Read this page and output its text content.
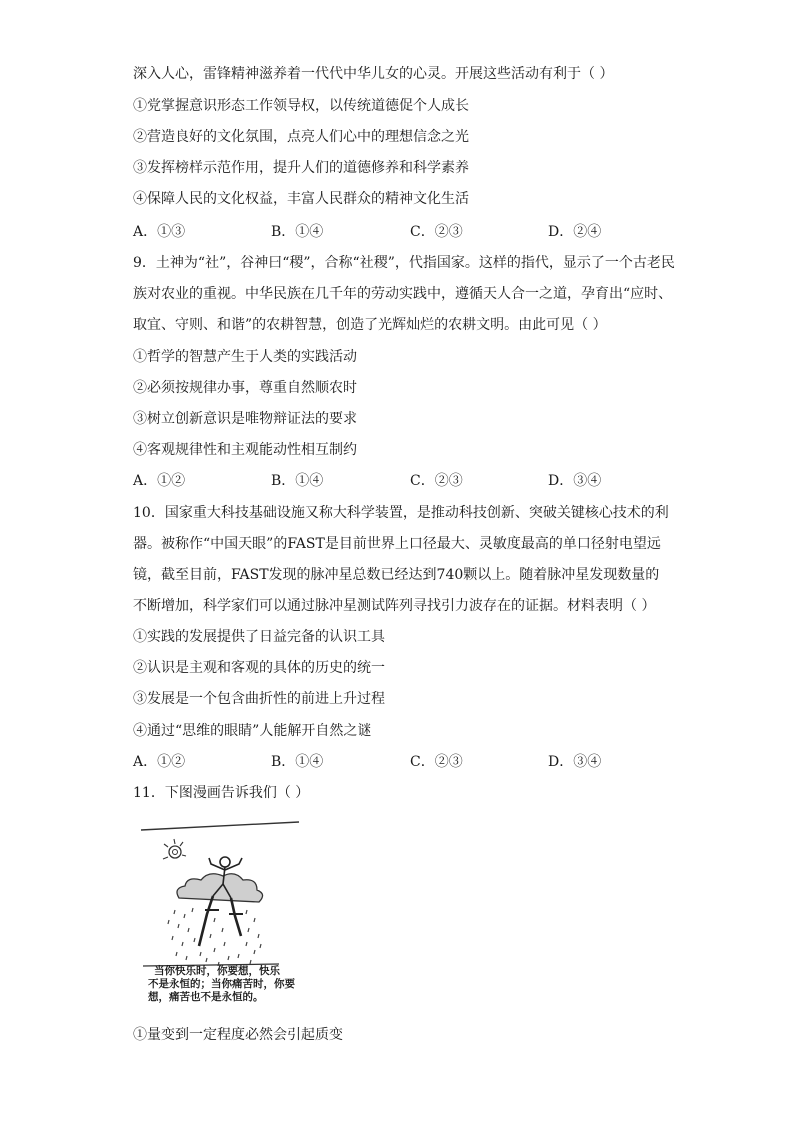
深入人心，雷锋精神滋养着一代代中华儿女的心灵。开展这些活动有利于（ ）
①党掌握意识形态工作领导权，以传统道德促个人成长
②营造良好的文化氛围，点亮人们心中的理想信念之光
③发挥榜样示范作用，提升人们的道德修养和科学素养
④保障人民的文化权益，丰富人民群众的精神文化生活
A．①③	B．①④	C．②③	D．②④
9．土神为“社”，谷神曰“稷”，合称“社稷”，代指国家。这样的指代，显示了一个古老民
族对农业的重视。中华民族在几千年的劳动实践中，遵循天人合一之道，孕育出“应时、
取宜、守则、和谐”的农耕智慧，创造了光辉灿烂的农耕文明。由此可见（ ）
①哲学的智慧产生于人类的实践活动
②必须按规律办事，尊重自然顺农时
③树立创新意识是唯物辩证法的要求
④客观规律性和主观能动性相互制约
A．①②	B．①④	C．②③	D．③④
10．国家重大科技基础设施又称大科学装置，是推动科技创新、突破关键核心技术的利
器。被称作“中国天眼”的FAST是目前世界上口径最大、灵敏度最高的单口径射电望远
镜，截至目前，FAST发现的脉冲星总数已经达到740颗以上。随着脉冲星发现数量的
不断增加，科学家们可以通过脉冲星测试阵列寻找引力波存在的证据。材料表明（ ）
①实践的发展提供了日益完备的认识工具
②认识是主观和客观的具体的历史的统一
③发展是一个包含曲折性的前进上升过程
④通过“思维的眼睛”人能解开自然之谜
A．①②	B．①④	C．②③	D．③④
11．下图漫画告诉我们（ ）
当你快乐时，你要想，快乐
不是永恒的；当你痛苦时，你要
想，痛苦也不是永恒的。
①量变到一定程度必然会引起质变
